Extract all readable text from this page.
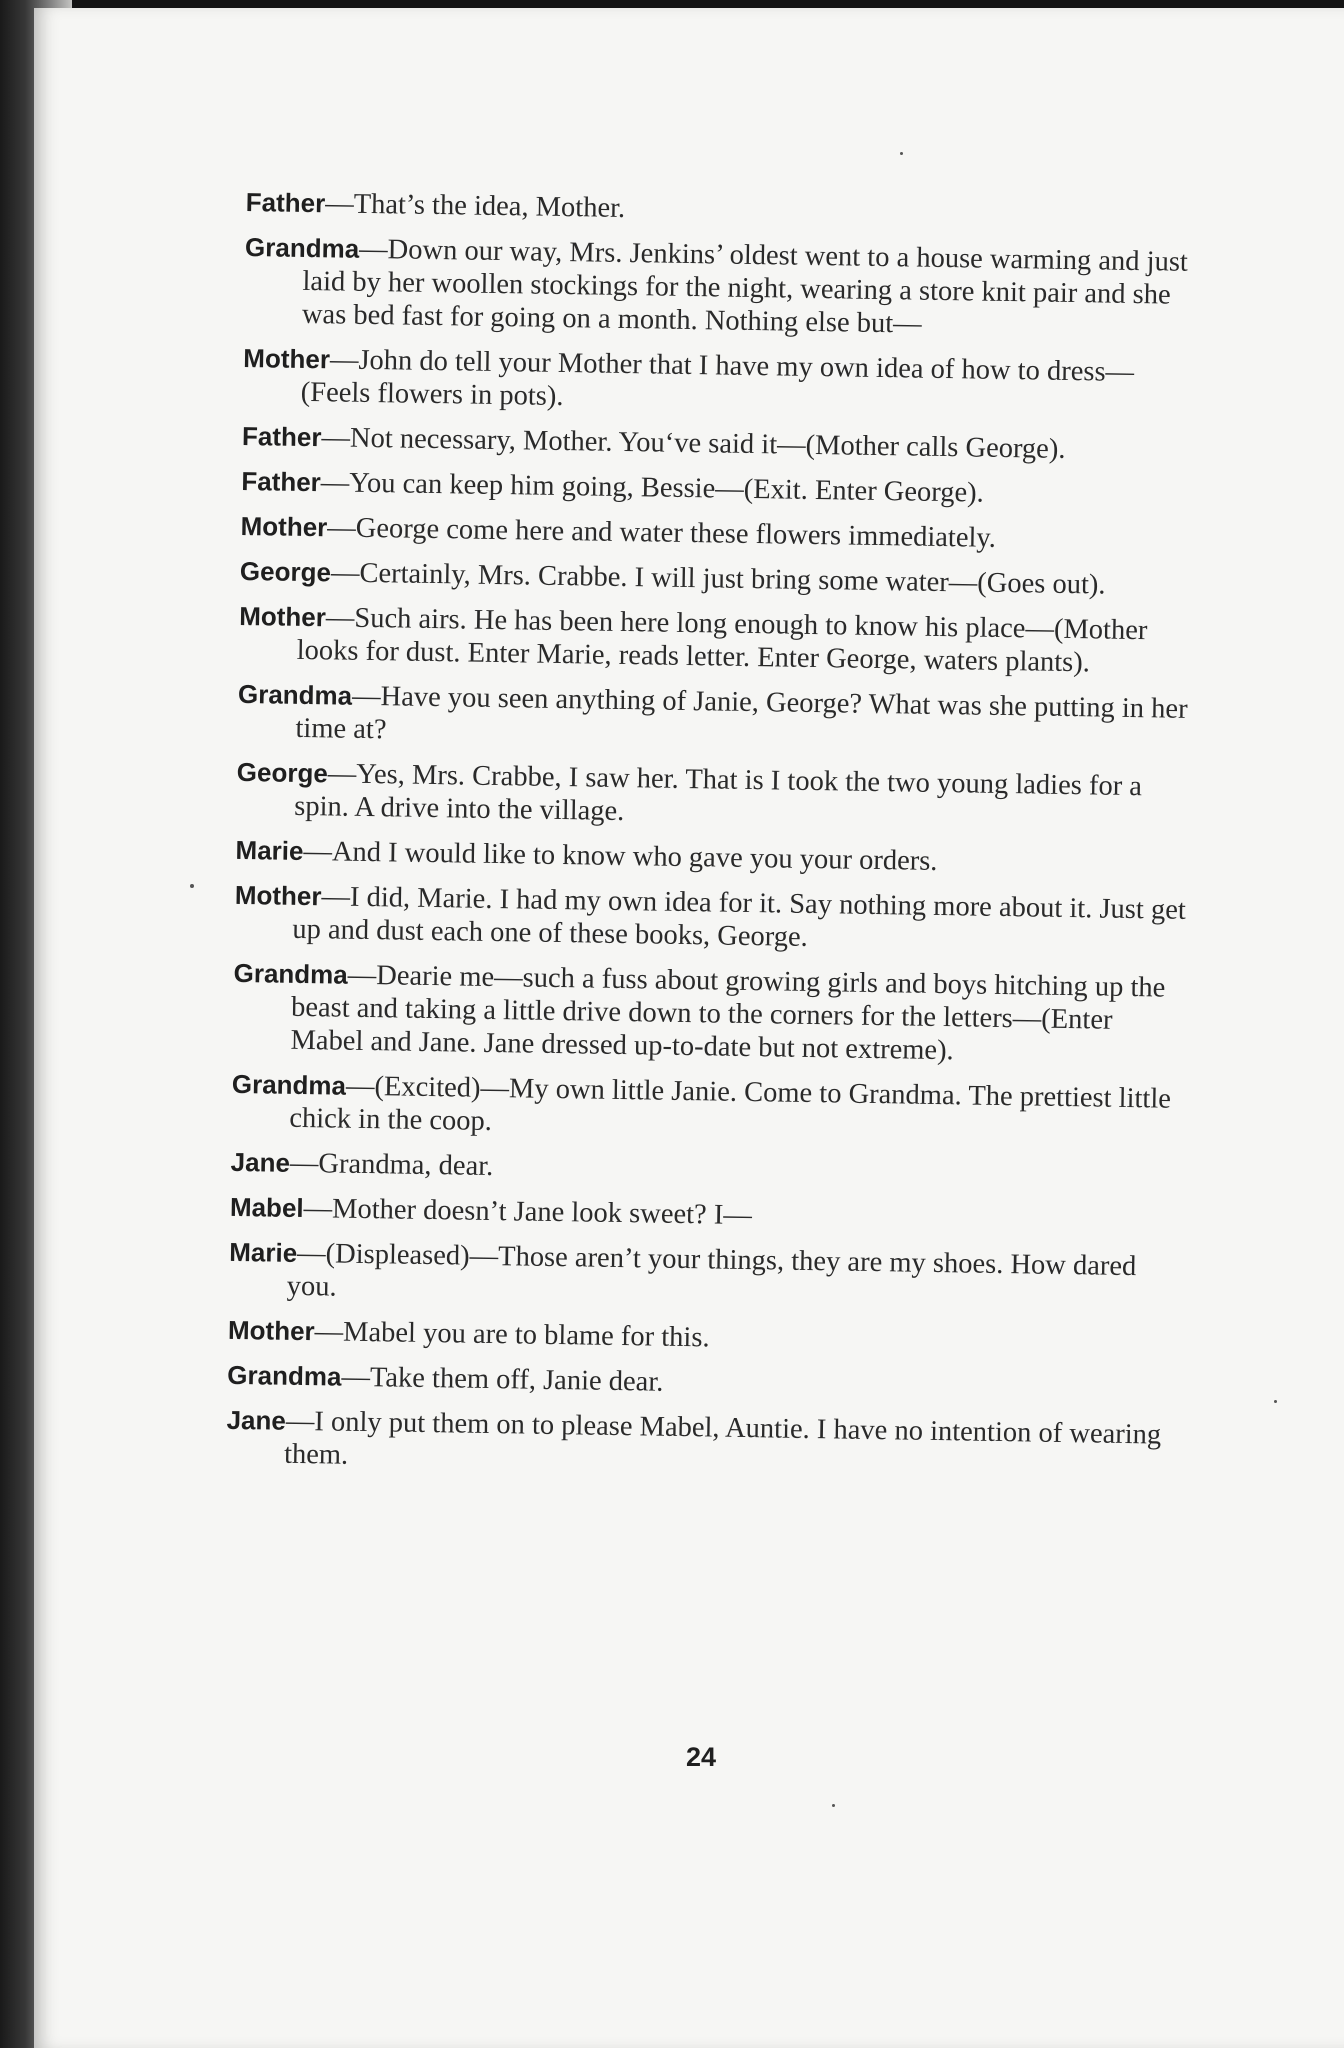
Father—That’s the idea, Mother.

Grandma—Down our way, Mrs. Jenkins’ oldest went to a house warming and just laid by her woollen stockings for the night, wearing a store knit pair and she was bed fast for going on a month. Nothing else but—

Mother—John do tell your Mother that I have my own idea of how to dress—(Feels flowers in pots).

Father—Not necessary, Mother. You‘ve said it—(Mother calls George).

Father—You can keep him going, Bessie—(Exit. Enter George).

Mother—George come here and water these flowers immediately.

George—Certainly, Mrs. Crabbe. I will just bring some water—(Goes out).

Mother—Such airs. He has been here long enough to know his place—(Mother looks for dust. Enter Marie, reads letter. Enter George, waters plants).

Grandma—Have you seen anything of Janie, George? What was she putting in her time at?

George—Yes, Mrs. Crabbe, I saw her. That is I took the two young ladies for a spin. A drive into the village.

Marie—And I would like to know who gave you your orders.

Mother—I did, Marie. I had my own idea for it. Say nothing more about it. Just get up and dust each one of these books, George.

Grandma—Dearie me—such a fuss about growing girls and boys hitching up the beast and taking a little drive down to the corners for the letters—(Enter Mabel and Jane. Jane dressed up-to-date but not extreme).

Grandma—(Excited)—My own little Janie. Come to Grandma. The prettiest little chick in the coop.

Jane—Grandma, dear.

Mabel—Mother doesn’t Jane look sweet? I—

Marie—(Displeased)—Those aren’t your things, they are my shoes. How dared you.

Mother—Mabel you are to blame for this.

Grandma—Take them off, Janie dear.

Jane—I only put them on to please Mabel, Auntie. I have no intention of wearing them.

24
